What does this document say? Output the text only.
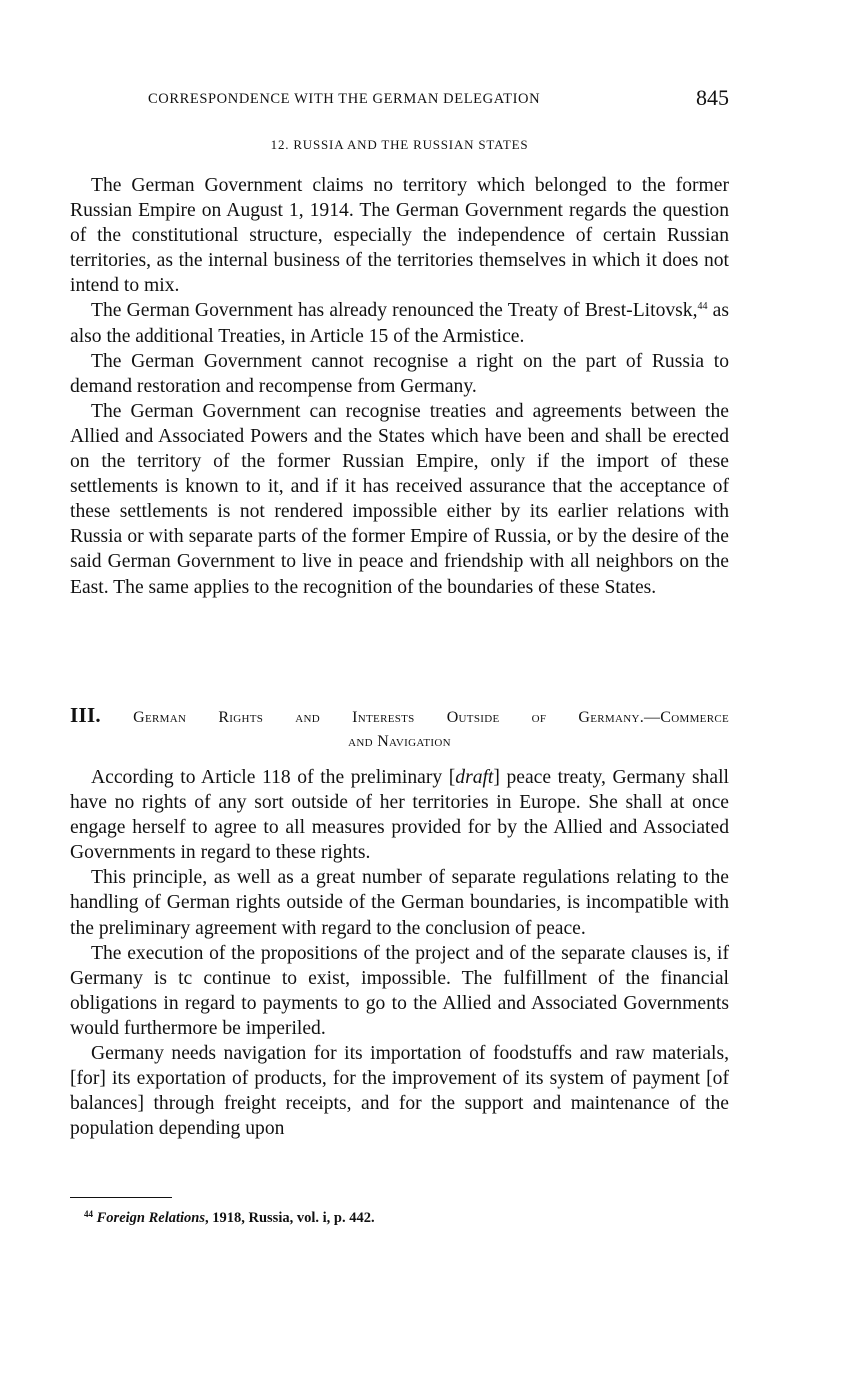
CORRESPONDENCE WITH THE GERMAN DELEGATION	845
12. RUSSIA AND THE RUSSIAN STATES

The German Government claims no territory which belonged to the former Russian Empire on August 1, 1914. The German Government regards the question of the constitutional structure, especially the independence of certain Russian territories, as the internal business of the territories themselves in which it does not intend to mix.

The German Government has already renounced the Treaty of Brest-Litovsk,$^{44}$ as also the additional Treaties, in Article 15 of the Armistice.

The German Government cannot recognise a right on the part of Russia to demand restoration and recompense from Germany.

The German Government can recognise treaties and agreements between the Allied and Associated Powers and the States which have been and shall be erected on the territory of the former Russian Empire, only if the import of these settlements is known to it, and if it has received assurance that the acceptance of these settlements is not rendered impossible either by its earlier relations with Russia or with separate parts of the former Empire of Russia, or by the desire of the said German Government to live in peace and friendship with all neighbors on the East. The same applies to the recognition of the boundaries of these States.

III. German Rights and Interests Outside of Germany.—Commerce
and Navigation

According to Article 118 of the preliminary [draft] peace treaty, Germany shall have no rights of any sort outside of her territories in Europe. She shall at once engage herself to agree to all measures provided for by the Allied and Associated Governments in regard to these rights.

This principle, as well as a great number of separate regulations relating to the handling of German rights outside of the German boundaries, is incompatible with the preliminary agreement with regard to the conclusion of peace.

The execution of the propositions of the project and of the separate clauses is, if Germany is tc continue to exist, impossible. The fulfillment of the financial obligations in regard to payments to go to the Allied and Associated Governments would furthermore be imperiled.

Germany needs navigation for its importation of foodstuffs and raw materials, [for] its exportation of products, for the improvement of its system of payment [of balances] through freight receipts, and for the support and maintenance of the population depending upon

$^{44}$ Foreign Relations, 1918, Russia, vol. i, p. 442.
